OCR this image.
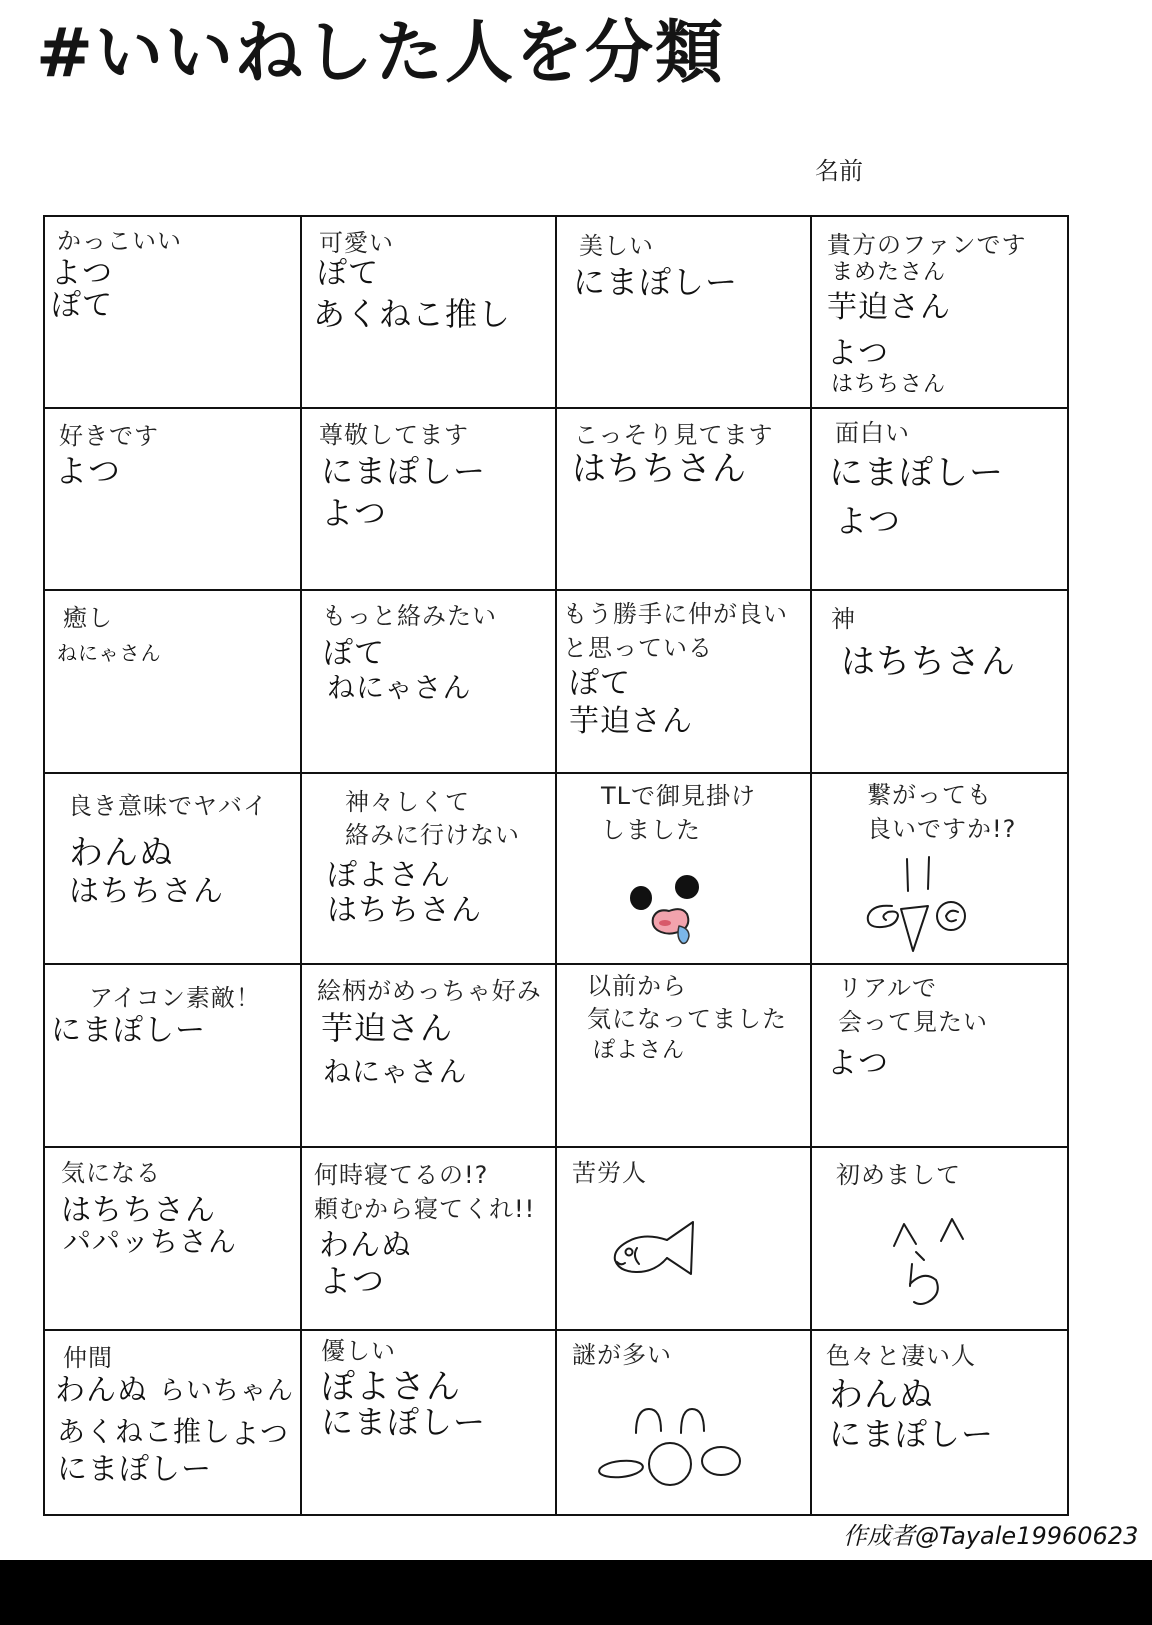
#いいねした人を分類
名前
かっこいい
よつ
ぽて
可愛い
ぽて
あくねこ推し
美しい
にまぽしー
貴方のファンです
まめたさん
芋迫さん
よつ
はちちさん
好きです
よつ
尊敬してます
にまぽしー
よつ
こっそり見てます
はちちさん
面白い
にまぽしー
よつ
癒し
ねにゃさん
もっと絡みたい
ぽて
ねにゃさん
もう勝手に仲が良い
と思っている
ぽて
芋迫さん
神
はちちさん
良き意味でヤバイ
わんぬ
はちちさん
神々しくて
絡みに行けない
ぽよさん
はちちさん
TLで御見掛け
しました
繋がっても
良いですか!?
アイコン素敵！
にまぽしー
絵柄がめっちゃ好み
芋迫さん
ねにゃさん
以前から
気になってました
ぽよさん
リアルで
会って見たい
よつ
気になる
はちちさん
パパッちさん
何時寝てるの!?
頼むから寝てくれ!!
わんぬ
よつ
苦労人	初めまして
仲間
わんぬ らいちゃん
あくねこ推し よつ
にまぽしー
優しい
ぽよさん
にまぽしー
謎が多い	色々と凄い人
わんぬ
にまぽしー
作成者@Tayale19960623
